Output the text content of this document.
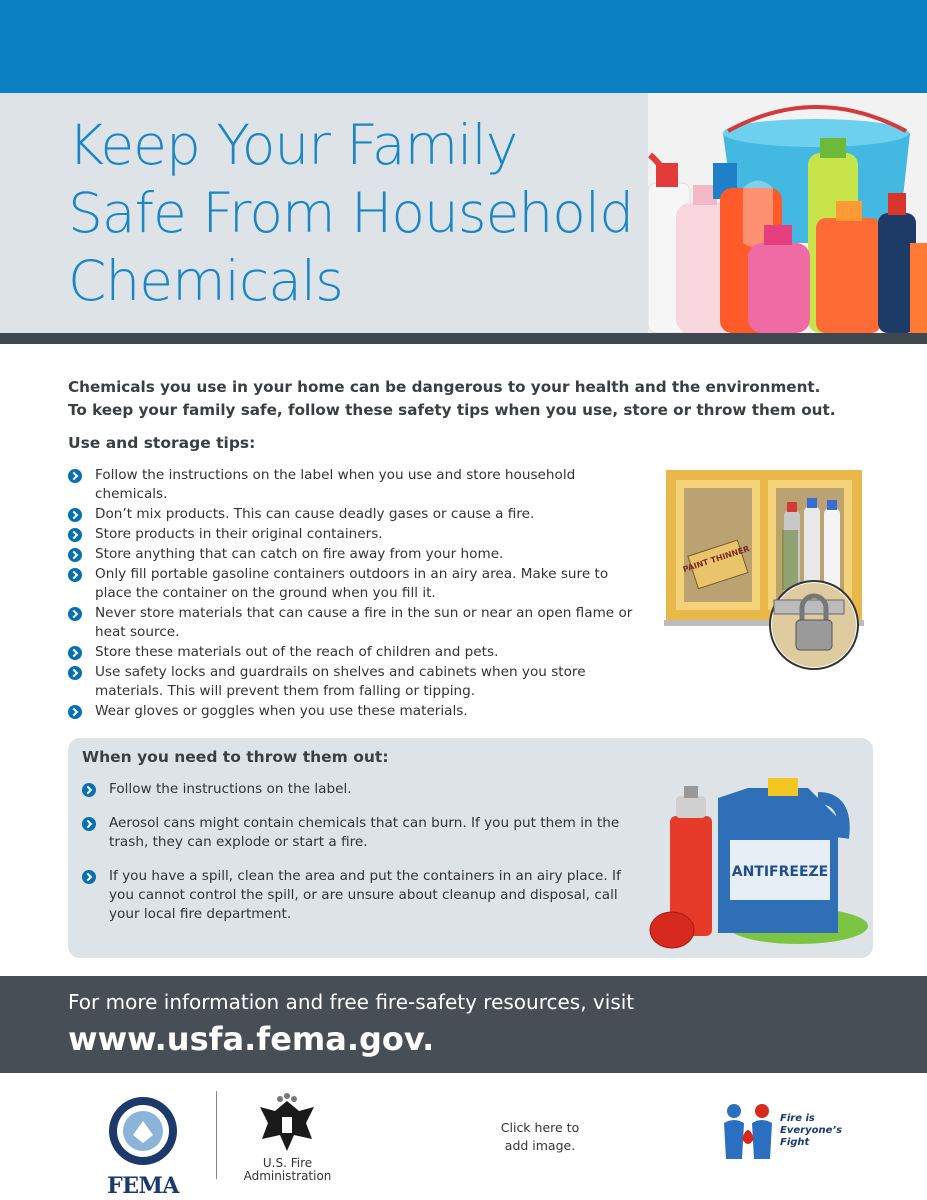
Keep Your Family
Safe From Household
Chemicals
Chemicals you use in your home can be dangerous to your health and the environment.
To keep your family safe, follow these safety tips when you use, store or throw them out.
Use and storage tips:
Follow the instructions on the label when you use and store household chemicals.
Don’t mix products. This can cause deadly gases or cause a fire.
Store products in their original containers.
Store anything that can catch on fire away from your home.
Only fill portable gasoline containers outdoors in an airy area. Make sure to place the container on the ground when you fill it.
Never store materials that can cause a fire in the sun or near an open flame or heat source.
Store these materials out of the reach of children and pets.
Use safety locks and guardrails on shelves and cabinets when you store materials. This will prevent them from falling or tipping.
Wear gloves or goggles when you use these materials.
PAINT THINNER
When you need to throw them out:
Follow the instructions on the label.
Aerosol cans might contain chemicals that can burn. If you put them in the trash, they can explode or start a fire.
If you have a spill, clean the area and put the containers in an airy place. If you cannot control the spill, or are unsure about cleanup and disposal, call your local fire department.
ANTIFREEZE
For more information and free fire-safety resources, visit
www.usfa.fema.gov.
FEMA
U.S. Fire
Administration
Click here to
add image.
Fire is
Everyone’s
Fight
